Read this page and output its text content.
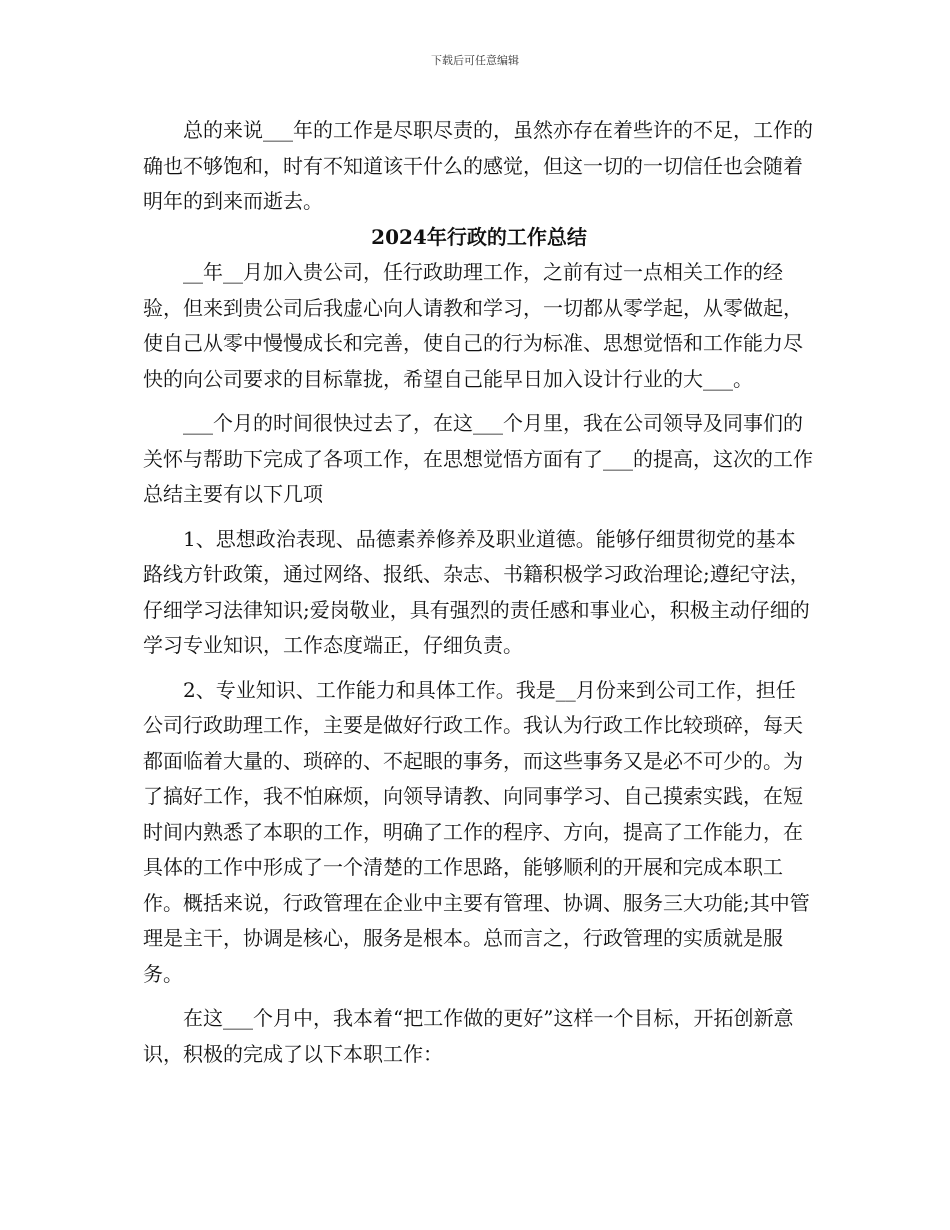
下载后可任意编辑

总的来说___年的工作是尽职尽责的，虽然亦存在着些许的不足，工作的确也不够饱和，时有不知道该干什么的感觉，但这一切的一切信任也会随着明年的到来而逝去。

2024年行政的工作总结

__年__月加入贵公司，任行政助理工作，之前有过一点相关工作的经验，但来到贵公司后我虚心向人请教和学习，一切都从零学起，从零做起，使自己从零中慢慢成长和完善，使自己的行为标准、思想觉悟和工作能力尽快的向公司要求的目标靠拢，希望自己能早日加入设计行业的大___。

___个月的时间很快过去了，在这___个月里，我在公司领导及同事们的关怀与帮助下完成了各项工作，在思想觉悟方面有了___的提高，这次的工作总结主要有以下几项

1、思想政治表现、品德素养修养及职业道德。能够仔细贯彻党的基本路线方针政策，通过网络、报纸、杂志、书籍积极学习政治理论;遵纪守法，仔细学习法律知识;爱岗敬业，具有强烈的责任感和事业心，积极主动仔细的学习专业知识，工作态度端正，仔细负责。

2、专业知识、工作能力和具体工作。我是__月份来到公司工作，担任公司行政助理工作，主要是做好行政工作。我认为行政工作比较琐碎，每天都面临着大量的、琐碎的、不起眼的事务，而这些事务又是必不可少的。为了搞好工作，我不怕麻烦，向领导请教、向同事学习、自己摸索实践，在短时间内熟悉了本职的工作，明确了工作的程序、方向，提高了工作能力，在具体的工作中形成了一个清楚的工作思路，能够顺利的开展和完成本职工作。概括来说，行政管理在企业中主要有管理、协调、服务三大功能;其中管理是主干，协调是核心，服务是根本。总而言之，行政管理的实质就是服务。

在这___个月中，我本着“把工作做的更好”这样一个目标，开拓创新意识，积极的完成了以下本职工作：
